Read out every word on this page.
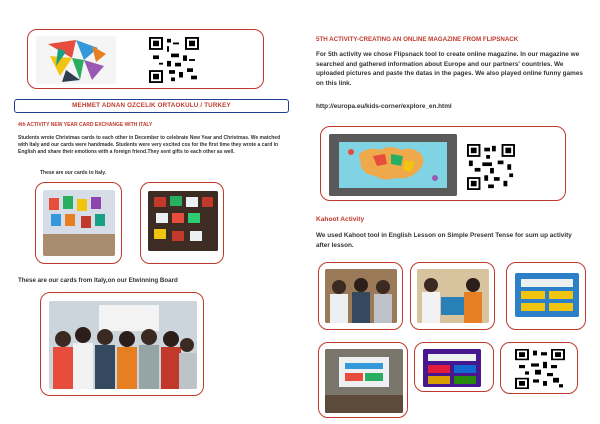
MEHMET ADNAN OZCELIK ORTAOKULU / TURKEY
4th ACTIVITY NEW YEAR CARD EXCHANGE WITH ITALY
Students wrote Christmas cards to each other in December to celebrate New Year and Christmas. We matched with Italy and our cards were handmade. Students were very excited cos for the first time they wrote a card in English and share their emotions with a foreign friend.They sent gifts to each other as well.
These are our cards to Italy.
These are our cards from Italy,on our Etwinning Board
5TH ACTIVITY-CREATING AN ONLINE MAGAZINE FROM FLIPSNACK
For 5th activity we chose Flipsnack tool to create online magazine. In our magazine we searched and gathered information about Europe and our partners' countries. We uploaded pictures and paste the datas in the pages. We also played online funny games on this link.
http://europa.eu/kids-corner/explore_en.html
Kahoot Activity
We used Kahoot tool in English Lesson on Simple Present Tense for sum up activity after lesson.
